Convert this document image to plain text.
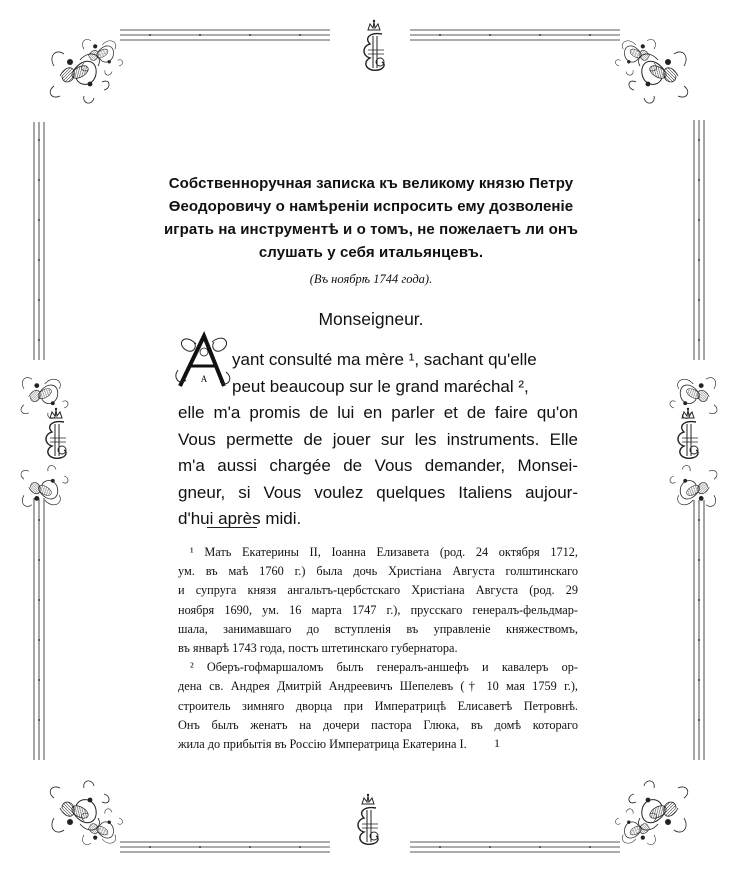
Собственноручная записка къ великому князю Петру
Өеодоровичу о намѣреніи испросить ему дозволеніе
играть на инструментѣ и о томъ, не пожелаетъ ли онъ
слушать у себя итальянцевъ.
(Въ ноябрѣ 1744 года).
Monseigneur.
A
yant consulté ma mère ¹, sachant qu'elle
peut beaucoup sur le grand maréchal ²,
elle m'a promis de lui en parler et de faire qu'on
Vous permette de jouer sur les instruments. Elle
m'a aussi chargée de Vous demander, Monsei-
gneur, si Vous voulez quelques Italiens aujour-
d'hui après midi.
¹ Мать Екатерины II, Іоанна Елизавета (род. 24 октября 1712,
ум. въ маѣ 1760 г.) была дочь Христіана Августа голштинскаго
и супруга князя ангальтъ-цербстскаго Христіана Августа (род. 29
ноября 1690, ум. 16 марта 1747 г.), прусскаго генералъ-фельдмар-
шала, занимавшаго до вступленія въ управленіе княжествомъ,
въ январѣ 1743 года, постъ штетинскаго губернатора.
² Оберъ-гофмаршаломъ былъ генералъ-аншефъ и кавалеръ ор-
дена св. Андрея Дмитрій Андреевичъ Шепелевъ († 10 мая 1759 г.),
строитель зимняго дворца при Императрицѣ Елисаветѣ Петровнѣ.
Онъ былъ женатъ на дочери пастора Глюка, въ домѣ котораго
жила до прибытія въ Россію Императрица Екатерина I.	1
